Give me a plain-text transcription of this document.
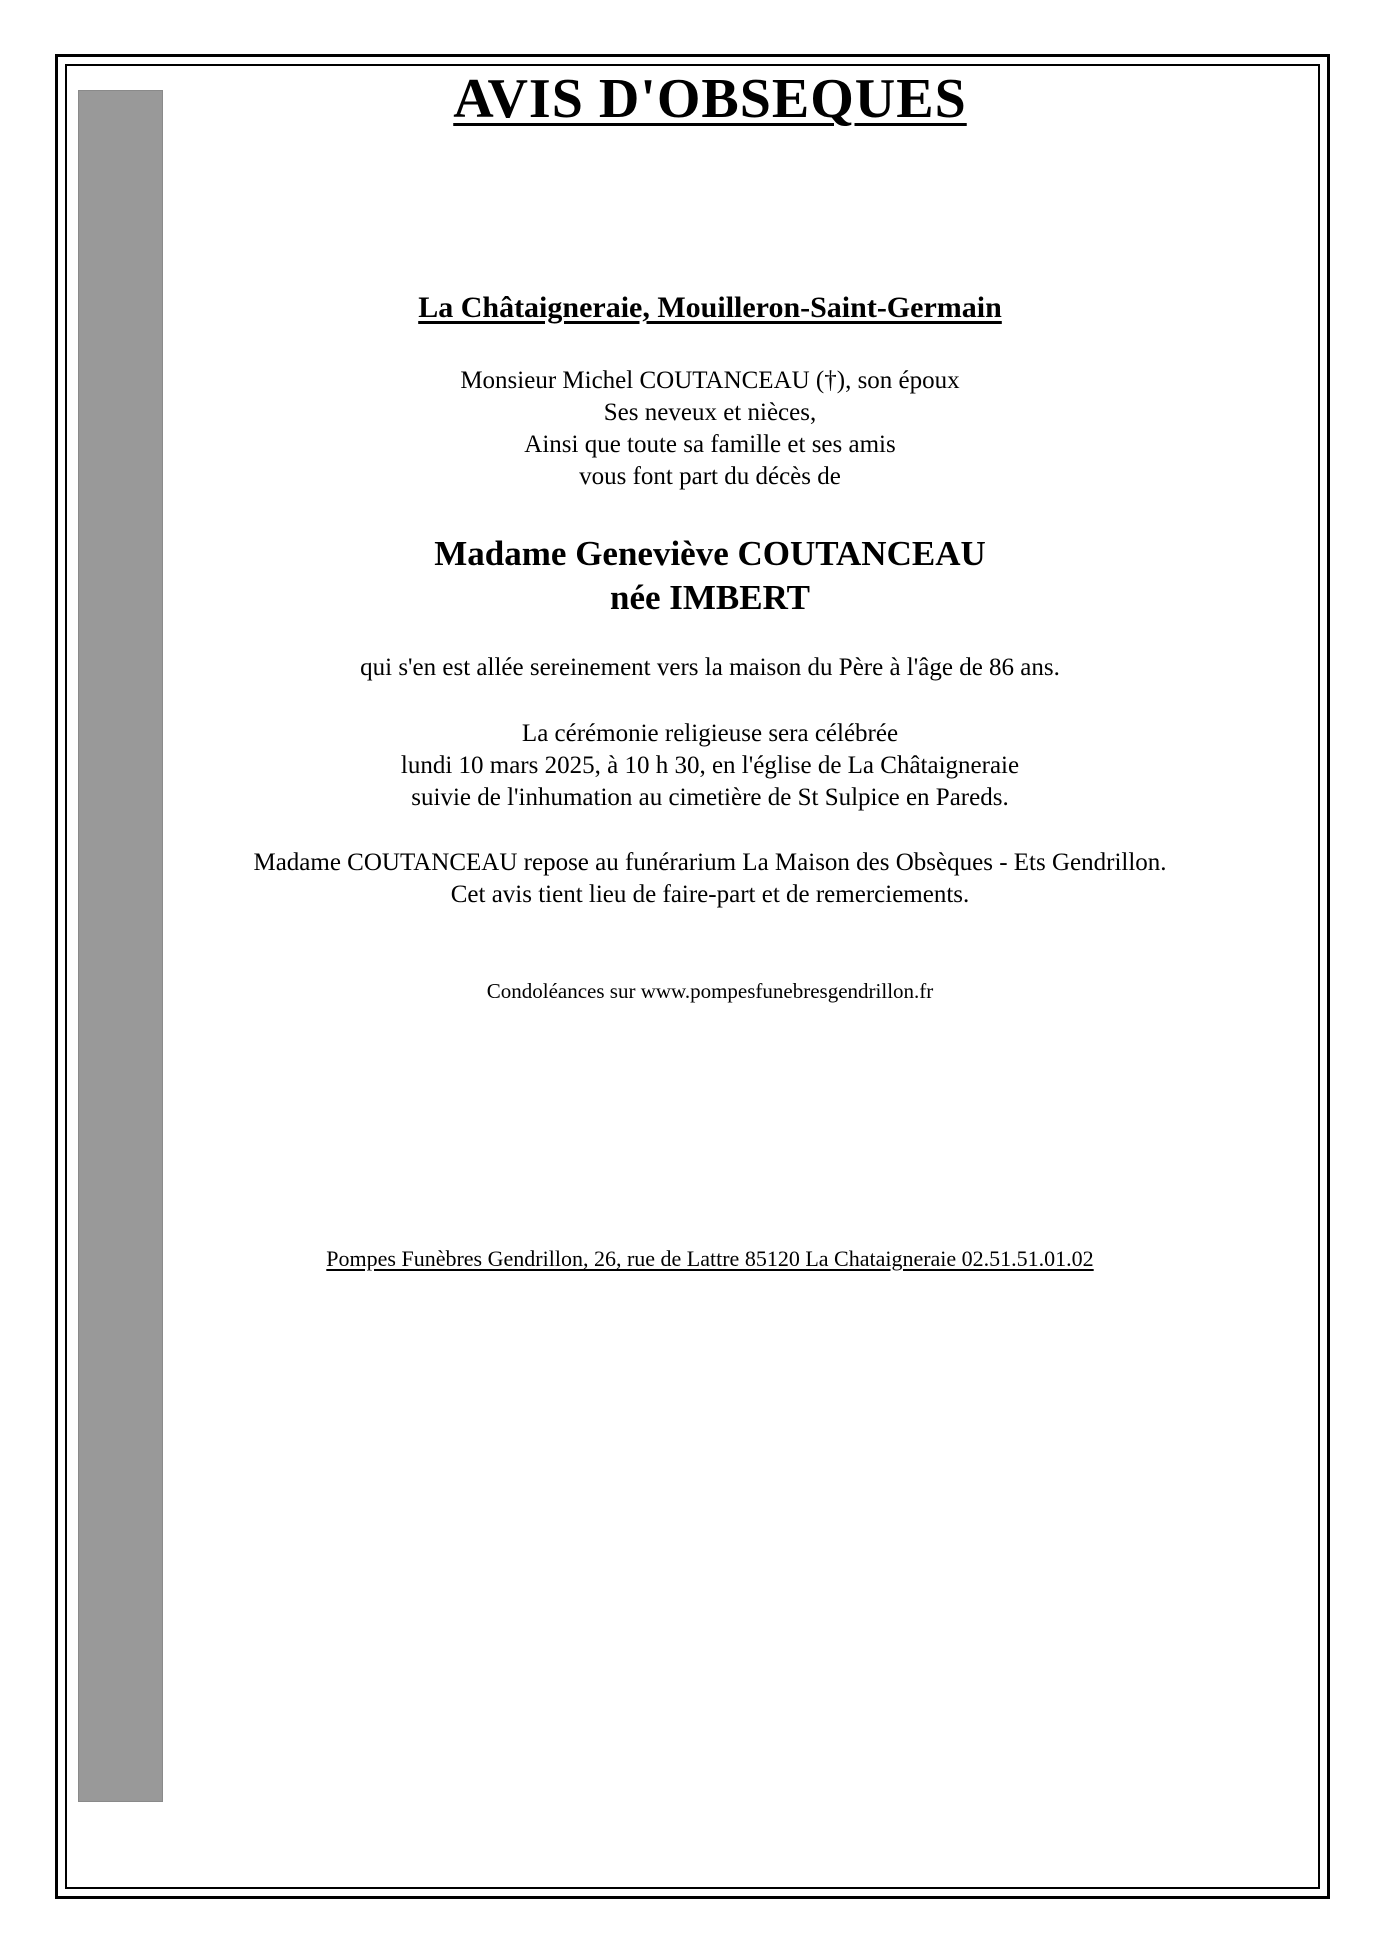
AVIS D'OBSEQUES
La Châtaigneraie, Mouilleron-Saint-Germain
Monsieur Michel COUTANCEAU (†), son époux
Ses neveux et nièces,
Ainsi que toute sa famille et ses amis
vous font part du décès de
Madame Geneviève COUTANCEAU
née IMBERT
qui s'en est allée sereinement vers la maison du Père à l'âge de 86 ans.
La cérémonie religieuse sera célébrée
lundi 10 mars 2025, à 10 h 30, en l'église de La Châtaigneraie
suivie de l'inhumation au cimetière de St Sulpice en Pareds.
Madame COUTANCEAU repose au funérarium La Maison des Obsèques - Ets Gendrillon.
Cet avis tient lieu de faire-part et de remerciements.
Condoléances sur www.pompesfunebresgendrillon.fr
Pompes Funèbres Gendrillon, 26, rue de Lattre 85120 La Chataigneraie 02.51.51.01.02
